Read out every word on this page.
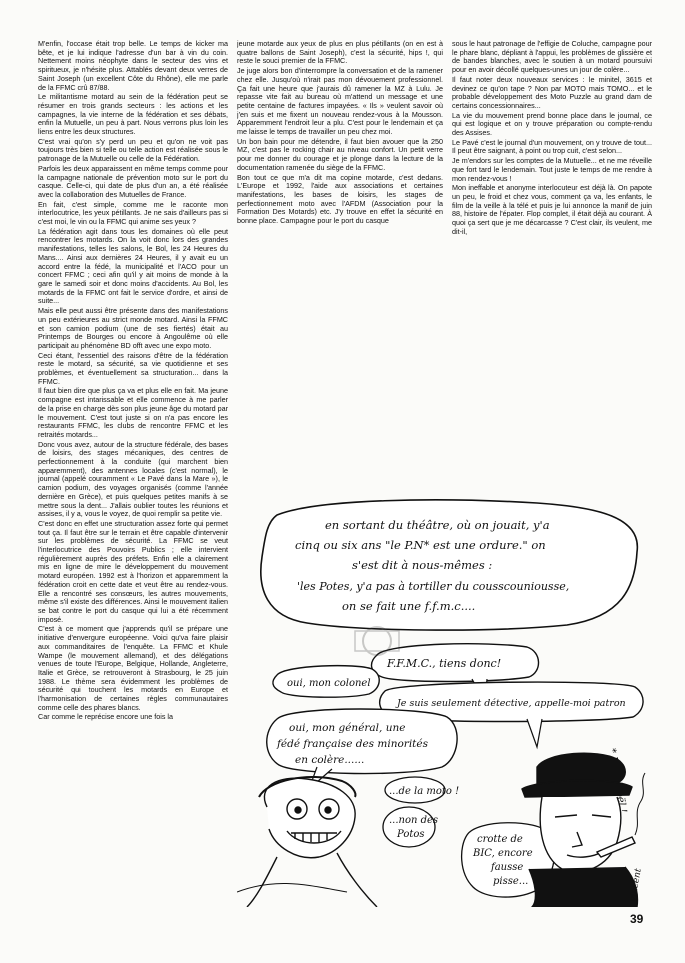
M'enfin, l'occase était trop belle. Le temps de kicker ma bête, et je lui indique l'adresse d'un bar à vin du coin. Nettement moins néophyte dans le secteur des vins et spiritueux, je n'hésite plus. Attablés devant deux verres de Saint Joseph (un excellent Côte du Rhône), elle me parle de la FFMC crû 87/88.

Le militantisme motard au sein de la fédération peut se résumer en trois grands secteurs : les actions et les campagnes, la vie interne de la fédération et ses débats, enfin la Mutuelle, un peu à part. Nous verrons plus loin les liens entre les deux structures.

C'est vrai qu'on s'y perd un peu et qu'on ne voit pas toujours très bien si telle ou telle action est réalisée sous le patronage de la Mutuelle ou celle de la Fédération.

Parfois les deux apparaissent en même temps comme pour la campagne nationale de prévention moto sur le port du casque. Celle-ci, qui date de plus d'un an, a été réalisée avec la collaboration des Mutuelles de France.

En fait, c'est simple, comme me le raconte mon interlocutrice, les yeux pétillants. Je ne sais d'ailleurs pas si c'est moi, le vin ou la FFMC qui anime ses yeux ?

La fédération agit dans tous les domaines où elle peut rencontrer les motards. On la voit donc lors des grandes manifestations, telles les salons, le Bol, les 24 Heures du Mans.... Ainsi aux dernières 24 Heures, il y avait eu un accord entre la fédé, la municipalité et l'ACO pour un concert FFMC ; ceci afin qu'il y ait moins de monde à la gare le samedi soir et donc moins d'accidents. Au Bol, les motards de la FFMC ont fait le service d'ordre, et ainsi de suite...

Mais elle peut aussi être présente dans des manifestations un peu extérieures au strict monde motard. Ainsi la FFMC et son camion podium (une de ses fiertés) était au Printemps de Bourges ou encore à Angoulême où elle participait au phénomène BD offt avec une expo moto.

Ceci étant, l'essentiel des raisons d'être de la fédération reste le motard, sa sécurité, sa vie quotidienne et ses problèmes, et éventuellement sa structuration... dans la FFMC.

Il faut bien dire que plus ça va et plus elle en fait. Ma jeune compagne est intarissable et elle commence à me parler de la prise en charge dès son plus jeune âge du motard par le mouvement. C'est tout juste si on n'a pas encore les restaurants FFMC, les clubs de rencontre FFMC et les retraités motards...

Donc vous avez, autour de la structure fédérale, des bases de loisirs, des stages mécaniques, des centres de perfectionnement à la conduite (qui marchent bien apparemment), des antennes locales (c'est normal), le journal (appelé couramment « Le Pavé dans la Mare »), le camion podium, des voyages organisés (comme l'année dernière en Grèce), et puis quelques petites manifs à se mettre sous la dent... J'allais oublier toutes les réunions et assises, il y a, vous le voyez, de quoi remplir sa petite vie.

C'est donc en effet une structuration assez forte qui permet tout ça. Il faut être sur le terrain et être capable d'intervenir sur les problèmes de sécurité. La FFMC se veut l'interlocutrice des Pouvoirs Publics ; elle intervient régulièrement auprès des préfets. Enfin elle a clairement mis en ligne de mire le développement du mouvement motard européen. 1992 est à l'horizon et apparemment la fédération croit en cette date et veut être au rendez-vous. Elle a rencontré ses consœurs, les autres mouvements, même s'il existe des différences. Ainsi le mouvement italien se bat contre le port du casque qui lui a été récemment imposé.

C'est à ce moment que j'apprends qu'il se prépare une initiative d'envergure européenne. Voici qu'va faire plaisir aux commanditaires de l'enquête. La FFMC et Khule Wampe (le mouvement allemand), et des délégations venues de toute l'Europe, Belgique, Hollande, Angleterre, Italie et Grèce, se retrouveront à Strasbourg, le 25 juin 1988. Le thème sera évidemment les problèmes de sécurité qui touchent les motards en Europe et l'harmonisation de certaines règles communautaires comme celle des phares blancs.

Car comme le reprécise encore une fois la

jeune motarde aux yeux de plus en plus pétillants (on en est à quatre ballons de Saint Joseph), c'est la sécurité, hips !, qui reste le souci premier de la FFMC.

Je juge alors bon d'interrompre la conversation et de la ramener chez elle. Jusqu'où n'irait pas mon dévouement professionnel. Ça fait une heure que j'aurais dû ramener la MZ à Lulu. Je repasse vite fait au bureau où m'attend un message et une petite centaine de factures impayées. « Ils » veulent savoir où j'en suis et me fixent un nouveau rendez-vous à la Mousson. Apparemment l'endroit leur a plu. C'est pour le lendemain et ça me laisse le temps de travailler un peu chez moi.

Un bon bain pour me détendre, il faut bien avouer que la 250 MZ, c'est pas le rocking chair au niveau confort. Un petit verre pour me donner du courage et je plonge dans la lecture de la documentation ramenée du siège de la FFMC.

Bon tout ce que m'a dit ma copine motarde, c'est dedans. L'Europe et 1992, l'aide aux associations et certaines manifestations, les bases de loisirs, les stages de perfectionnement moto avec l'AFDM (Association pour la Formation Des Motards) etc. J'y trouve en effet la sécurité en bonne place. Campagne pour le port du casque

sous le haut patronage de l'effigie de Coluche, campagne pour le phare blanc, dépliant à l'appui, les problèmes de glissière et de bandes blanches, avec le soutien à un motard poursuivi pour en avoir décollé quelques-unes un jour de colère...

Il faut noter deux nouveaux services : le minitel, 3615 et devinez ce qu'on tape ? Non par MOTO mais TOMO... et le probable développement des Moto Puzzle au grand dam de certains concessionnaires...

La vie du mouvement prend bonne place dans le journal, ce qui est logique et on y trouve préparation ou compte-rendu des Assises.

Le Pavé c'est le journal d'un mouvement, on y trouve de tout... Il peut être saignant, à point ou trop cuit, c'est selon...

Je m'endors sur les comptes de la Mutuelle... et ne me réveille que fort tard le lendemain. Tout juste le temps de me rendre à mon rendez-vous !

Mon ineffable et anonyme interlocuteur est déjà là. On papote un peu, le froid et chez vous, comment ça va, les enfants, le film de la veille à la télé et puis je lui annonce la manif de juin 88, histoire de l'épater. Flop complet, il était déjà au courant. À quoi ça sert que je me décarcasse ? C'est clair, ils veulent, me dit-il,

en sortant du théâtre, où on jouait, y'a
cinq ou six ans "le P.N* est une ordure." on
s'est dit à nous-mêmes :
'les Potes, y'a pas à tortiller du cousscouniousse,
on se fait une f.f.m.c....
F.F.M.C., tiens donc!
oui, mon colonel
Je suis seulement détective, appelle-moi patron
oui, mon général, une
fédé française des minorités
en colère......
...de la moto !
...non des
Potos	crotte de
BIC, encore
fausse
pisse...
* !
vincent
39
